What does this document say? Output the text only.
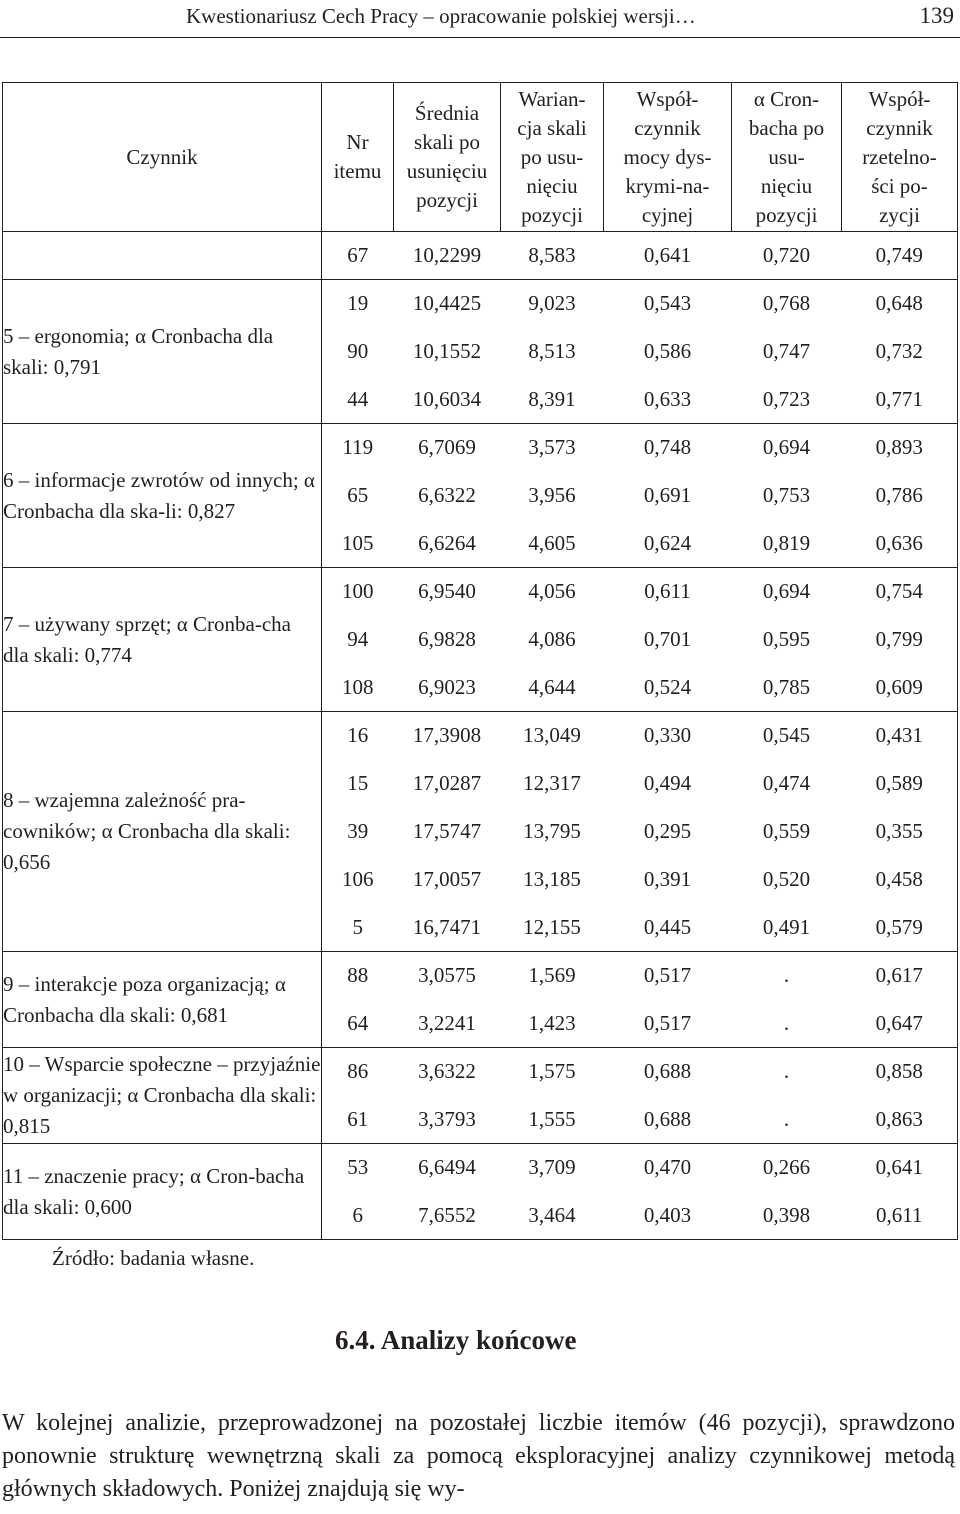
Kwestionariusz Cech Pracy – opracowanie polskiej wersji…	139
Czynnik	Nr itemu	Średnia skali po usunięciu pozycji	Warian-cja skali po usu-nięciu pozycji	Współ-czynnik mocy dys-krymi-na-cyjnej	α Cron-bacha po usu-nięciu pozycji	Współ-czynnik rzetelno-ści po-zycji
	67	10,2299	8,583	0,641	0,720	0,749
5 – ergonomia; α Cronbacha dla skali: 0,791	19	10,4425	9,023	0,543	0,768	0,648
	90	10,1552	8,513	0,586	0,747	0,732
	44	10,6034	8,391	0,633	0,723	0,771
6 – informacje zwrotów od innych; α Cronbacha dla ska-li: 0,827	119	6,7069	3,573	0,748	0,694	0,893
	65	6,6322	3,956	0,691	0,753	0,786
	105	6,6264	4,605	0,624	0,819	0,636
7 – używany sprzęt; α Cronba-cha dla skali: 0,774	100	6,9540	4,056	0,611	0,694	0,754
	94	6,9828	4,086	0,701	0,595	0,799
	108	6,9023	4,644	0,524	0,785	0,609
8 – wzajemna zależność pra-cowników; α Cronbacha dla skali: 0,656	16	17,3908	13,049	0,330	0,545	0,431
	15	17,0287	12,317	0,494	0,474	0,589
	39	17,5747	13,795	0,295	0,559	0,355
	106	17,0057	13,185	0,391	0,520	0,458
	5	16,7471	12,155	0,445	0,491	0,579
9 – interakcje poza organizacją; α Cronbacha dla skali: 0,681	88	3,0575	1,569	0,517	.	0,617
	64	3,2241	1,423	0,517	.	0,647
10 – Wsparcie społeczne – przyjaźnie w organizacji; α Cronbacha dla skali: 0,815	86	3,6322	1,575	0,688	.	0,858
	61	3,3793	1,555	0,688	.	0,863
11 – znaczenie pracy; α Cron-bacha dla skali: 0,600	53	6,6494	3,709	0,470	0,266	0,641
	6	7,6552	3,464	0,403	0,398	0,611
Źródło: badania własne.
6.4. Analizy końcowe
W kolejnej analizie, przeprowadzonej na pozostałej liczbie itemów (46 pozycji), sprawdzono ponownie strukturę wewnętrzną skali za pomocą eksploracyjnej analizy czynnikowej metodą głównych składowych. Poniżej znajdują się wy-
